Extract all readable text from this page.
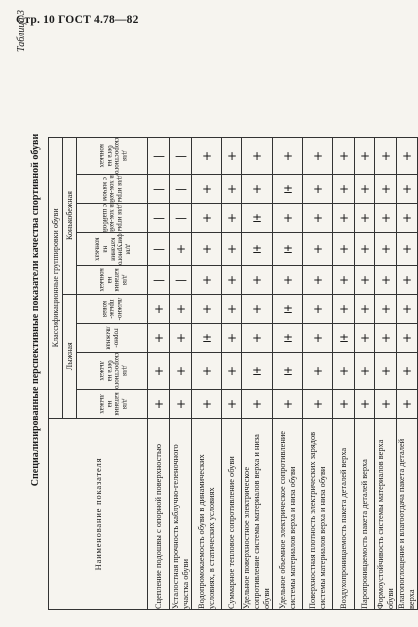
Стр. 10 ГОСТ 4.78—82
Таблица 3
Специализированные перспективные показатели качества спортивной обуви
Наименование показателя	Классификационные группировки обуви								
	Лыжная				Конькобежная				
	для катания на лыжах	для скоростного бега на лыжах	горно-лыжная	лыжно-прыж-ковая	для катания на коньках	для фигурного катания на коньках	для игры в хок-кей с шайбой	для игры в хок-кей с мячом	для скоростного бега на коньках
Сцепление подошвы с опорной поверхностью	+	+	+	+	—	—	—	—	—
Усталостная прочность каблучно-геленочного участка обуви	+	+	+	+	—	+	—	—	—
Водопромокаемость обуви в динамических условиях, в статических условиях	+	+	±	+	+	+	+	+	+
Суммарное тепловое сопротивление обуви	+	+	+	+	+	+	+	+	+
Удельное поверхностное электрическое сопротивление системы материалов верха и низа обуви	+	±	+	+	+	±	±	+	+
Удельное объемное электрическое сопротивление системы материалов верха и низа обуви	+	±	±	±	+	±	+	±	+
Поверхностная плотность электрических зарядов системы материалов верха и низа обуви	+	+	+	+	+	+	+	+	+
Воздухопроницаемость пакета деталей верха	+	+	±	+	+	+	+	+	+
Паропроницаемость пакета деталей верха	+	+	+	+	+	+	+	+	+
Формоустойчивость системы материалов верха обуви	+	+	+	+	+	+	+	+	+
Влагопоглощение и влагоотдача пакета деталей верха	+	+	+	+	+	+	+	+	+
